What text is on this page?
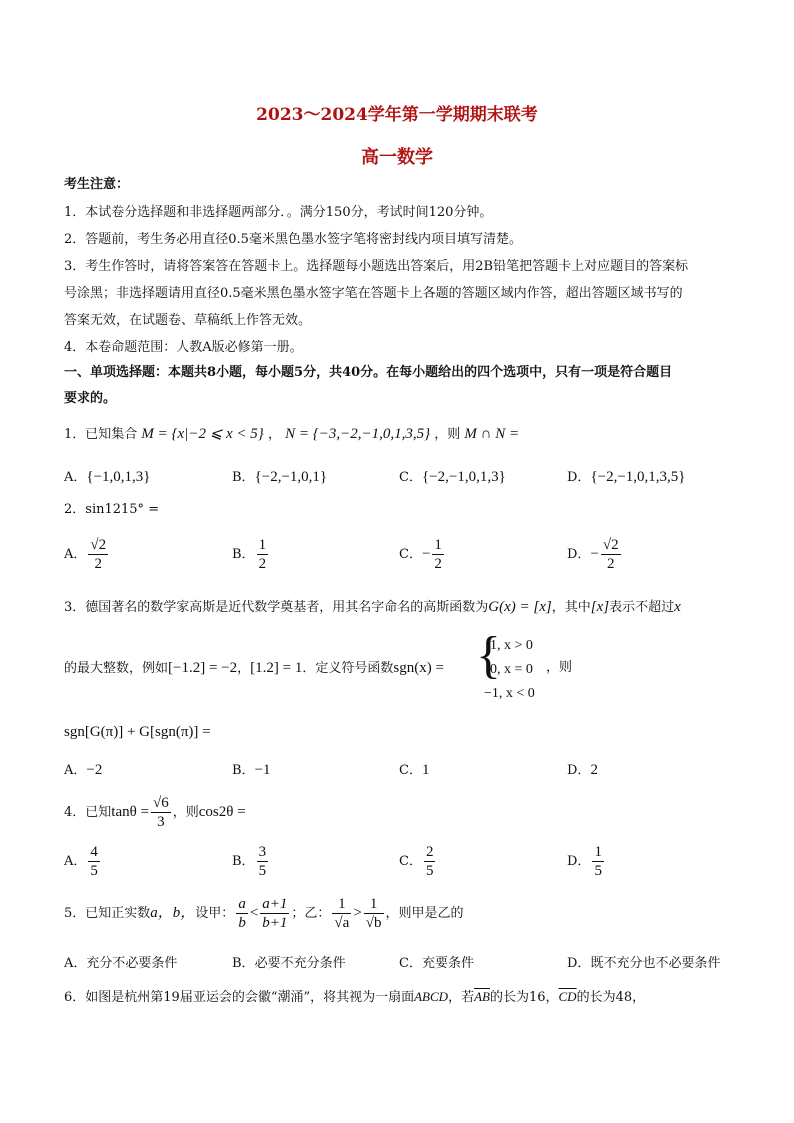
2023～2024学年第一学期期末联考
高一数学
考生注意：
1．本试卷分选择题和非选择题两部分．。满分150分，考试时间120分钟。
2．答题前，考生务必用直径0.5毫米黑色墨水签字笔将密封线内项目填写清楚。
3．考生作答时，请将答案答在答题卡上。选择题每小题选出答案后，用2B铅笔把答题卡上对应题目的答案标
号涂黑；非选择题请用直径0.5毫米黑色墨水签字笔在答题卡上各题的答题区域内作答，超出答题区域书写的
答案无效，在试题卷、草稿纸上作答无效。
4．本卷命题范围：人教A版必修第一册。
一、单项选择题：本题共8小题，每小题5分，共40分。在每小题给出的四个选项中，只有一项是符合题目
要求的。
1．已知集合 M = {x|−2 ⩽ x < 5} ， N = {−3,−2,−1,0,1,3,5} ，则 M ∩ N =
A．{−1,0,1,3}	B．{−2,−1,0,1}	C．{−2,−1,0,1,3}	D．{−2,−1,0,1,3,5}
2．sin1215° =
A． $\frac{√2}{2}$	B． $\frac{1}{2}$	C．− $\frac{1}{2}$	D．− $\frac{√2}{2}$
3．德国著名的数学家高斯是近代数学奠基者，用其名字命名的高斯函数为G(x) = [x]，其中[x]表示不超过x
的最大整数，例如[−1.2] = −2，[1.2] = 1．定义符号函数sgn(x) = {
1, x > 0
0, x = 0
−1, x < 0
，则
sgn[G(π)] + G[sgn(π)] =
A．−2	B．−1	C．1	D．2
4．已知$\tan\theta = \frac{√6}{3}$ ，则cos2θ =
A． $\frac{4}{5}$	B． $\frac{3}{5}$	C． $\frac{2}{5}$	D． $\frac{1}{5}$
5．已知正实数a，b，设甲： $\frac{a}{b} < \frac{a+1}{b+1}$ ；乙： $\frac{1}{√a} > \frac{1}{√b}$ ，则甲是乙的
A．充分不必要条件	B．必要不充分条件	C．充要条件	D．既不充分也不必要条件
6．如图是杭州第19届亚运会的会徽“潮涌”，将其视为一扇面ABCD，若$\overline{AB}$的长为16，$\overline{CD}$的长为48，
